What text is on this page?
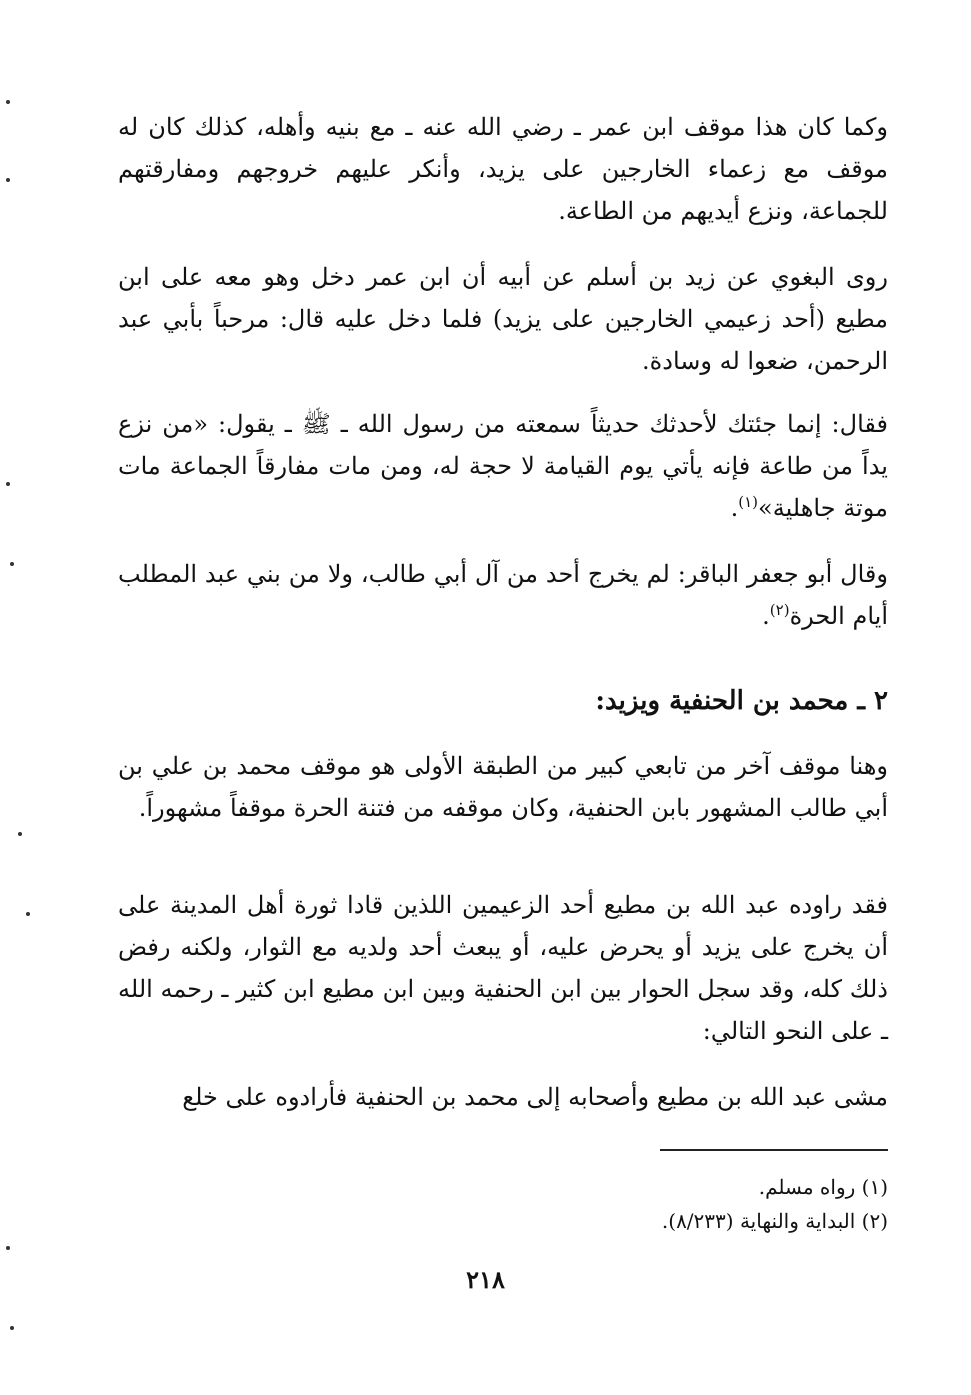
وكما كان هذا موقف ابن عمر ـ رضي الله عنه ـ مع بنيه وأهله، كذلك كان له موقف مع زعماء الخارجين على يزيد، وأنكر عليهم خروجهم ومفارقتهم للجماعة، ونزع أيديهم من الطاعة.
روى البغوي عن زيد بن أسلم عن أبيه أن ابن عمر دخل وهو معه على ابن مطيع (أحد زعيمي الخارجين على يزيد) فلما دخل عليه قال: مرحباً بأبي عبد الرحمن، ضعوا له وسادة.
فقال: إنما جئتك لأحدثك حديثاً سمعته من رسول الله ـ ﷺ ـ يقول: «من نزع يداً من طاعة فإنه يأتي يوم القيامة لا حجة له، ومن مات مفارقاً الجماعة مات موتة جاهلية»$^{(١)}$.
وقال أبو جعفر الباقر: لم يخرج أحد من آل أبي طالب، ولا من بني عبد المطلب أيام الحرة$^{(٢)}$.
٢ ـ محمد بن الحنفية ويزيد:
وهنا موقف آخر من تابعي كبير من الطبقة الأولى هو موقف محمد بن علي بن أبي طالب المشهور بابن الحنفية، وكان موقفه من فتنة الحرة موقفاً مشهوراً.
فقد راوده عبد الله بن مطيع أحد الزعيمين اللذين قادا ثورة أهل المدينة على أن يخرج على يزيد أو يحرض عليه، أو يبعث أحد ولديه مع الثوار، ولكنه رفض ذلك كله، وقد سجل الحوار بين ابن الحنفية وبين ابن مطيع ابن كثير ـ رحمه الله ـ على النحو التالي:
مشى عبد الله بن مطيع وأصحابه إلى محمد بن الحنفية فأرادوه على خلع
(١) رواه مسلم.
(٢) البداية والنهاية (٨/٢٣٣).
٢١٨
